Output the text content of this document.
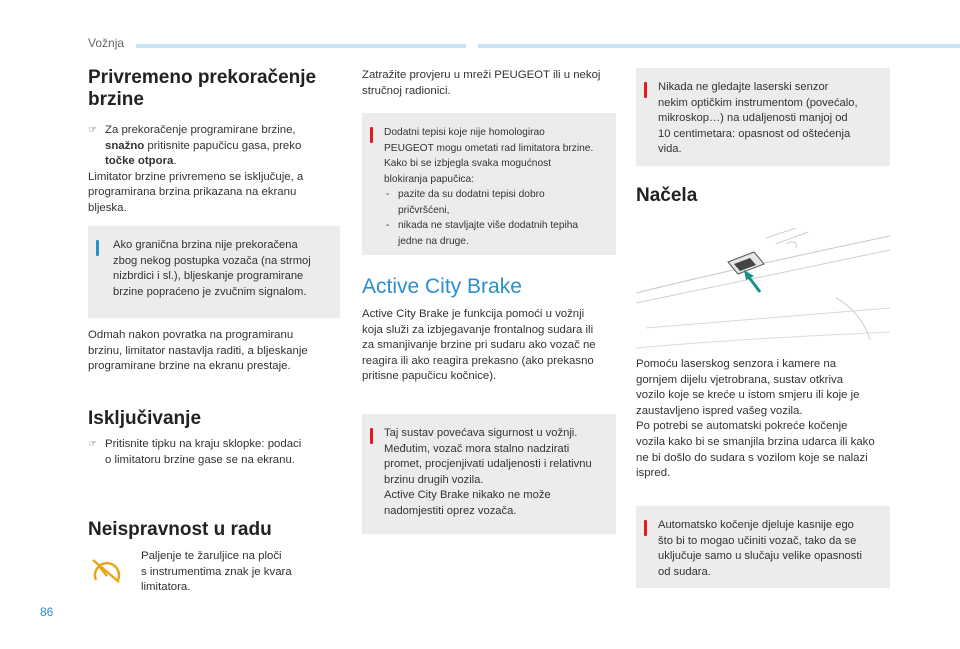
Vožnja
Privremeno prekoračenje
brzine
☞ Za prekoračenje programirane brzine,
snažno pritisnite papučicu gasa, preko
točke otpora.
Limitator brzine privremeno se isključuje, a
programirana brzina prikazana na ekranu
bljeska.
Ako granična brzina nije prekoračena
zbog nekog postupka vozača (na strmoj
nizbrdici i sl.), bljeskanje programirane
brzine popraćeno je zvučnim signalom.
Odmah nakon povratka na programiranu
brzinu, limitator nastavlja raditi, a bljeskanje
programirane brzine na ekranu prestaje.
Isključivanje
☞ Pritisnite tipku na kraju sklopke: podaci
o limitatoru brzine gase se na ekranu.
Neispravnost u radu
Paljenje te žaruljice na ploči
s instrumentima znak je kvara
limitatora.
Zatražite provjeru u mreži PEUGEOT ili u nekoj
stručnoj radionici.
Dodatni tepisi koje nije homologirao
PEUGEOT mogu ometati rad limitatora brzine.
Kako bi se izbjegla svaka mogućnost
blokiranja papučica:
- pazite da su dodatni tepisi dobro
pričvršćeni,
- nikada ne stavljajte više dodatnih tepiha
jedne na druge.
Active City Brake
Active City Brake je funkcija pomoći u vožnji
koja služi za izbjegavanje frontalnog sudara ili
za smanjivanje brzine pri sudaru ako vozač ne
reagira ili ako reagira prekasno (ako prekasno
pritisne papučicu kočnice).
Taj sustav povećava sigurnost u vožnji.
Međutim, vozač mora stalno nadzirati
promet, procjenjivati udaljenosti i relativnu
brzinu drugih vozila.
Active City Brake nikako ne može
nadomjestiti oprez vozača.
Nikada ne gledajte laserski senzor
nekim optičkim instrumentom (povećalo,
mikroskop…) na udaljenosti manjoj od
10 centimetara: opasnost od oštećenja
vida.
Načela
Pomoću laserskog senzora i kamere na
gornjem dijelu vjetrobrana, sustav otkriva
vozilo koje se kreće u istom smjeru ili koje je
zaustavljeno ispred vašeg vozila.
Po potrebi se automatski pokreće kočenje
vozila kako bi se smanjila brzina udarca ili kako
ne bi došlo do sudara s vozilom koje se nalazi
ispred.
Automatsko kočenje djeluje kasnije ego
što bi to mogao učiniti vozač, tako da se
uključuje samo u slučaju velike opasnosti
od sudara.
86
